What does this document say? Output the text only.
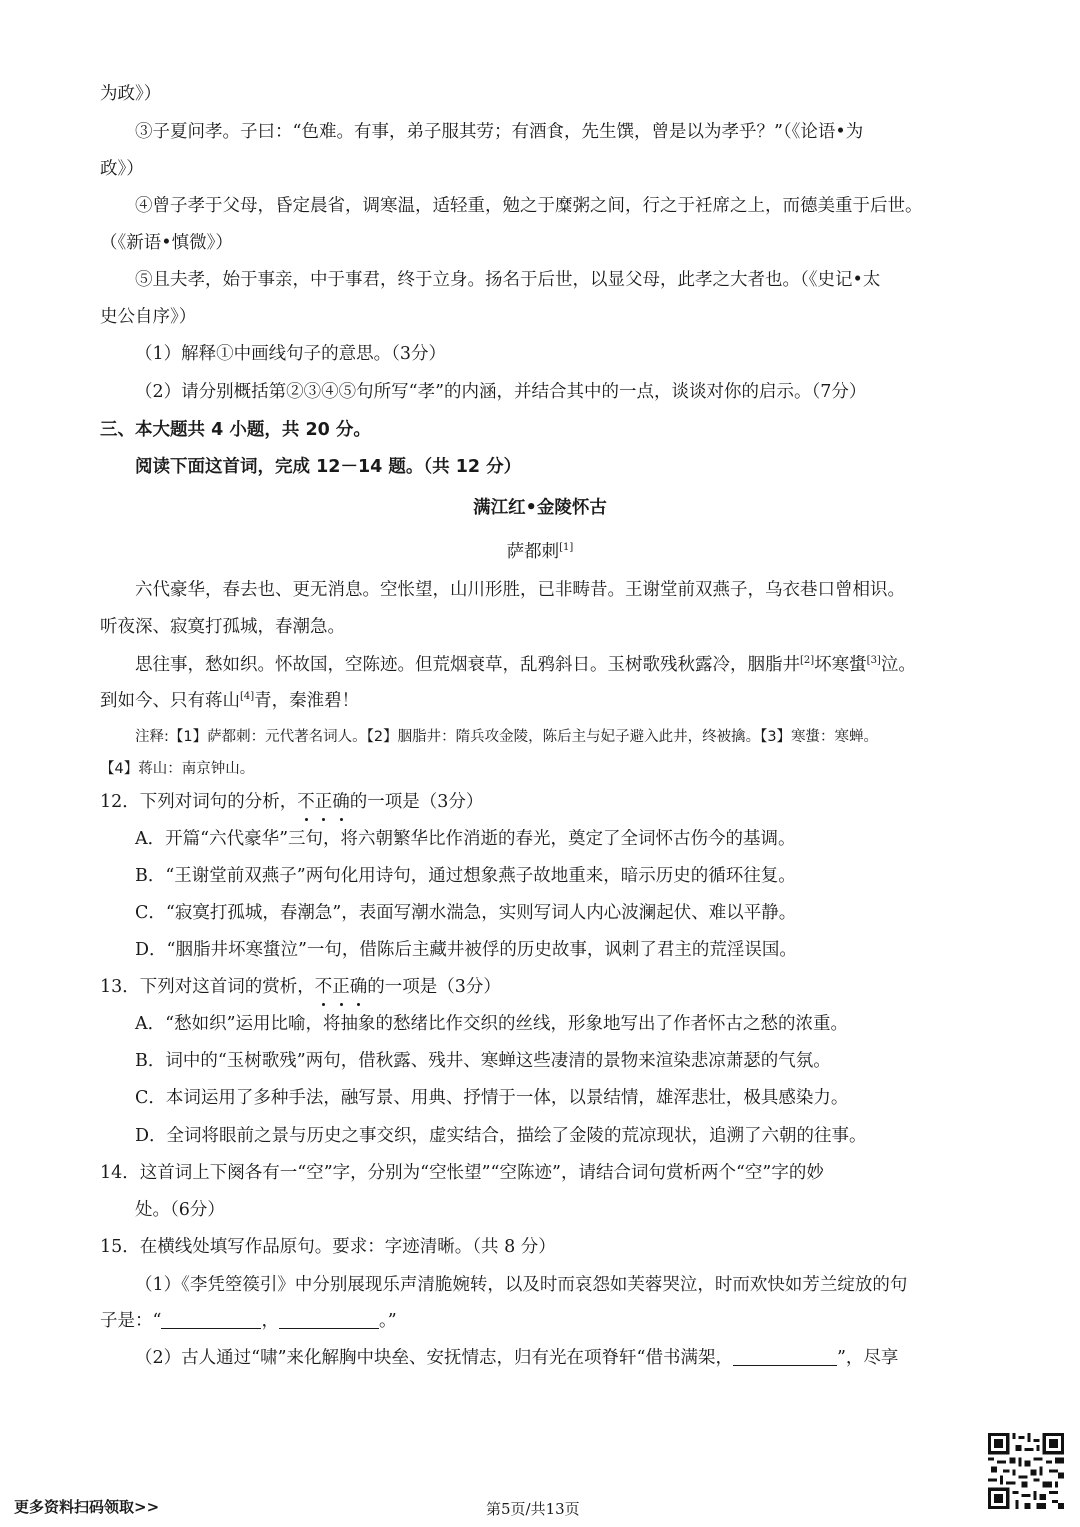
为政》）
③子夏问孝。子曰：“色难。有事，弟子服其劳；有酒食，先生馔，曾是以为孝乎？”（《论语•为
政》）
④曾子孝于父母，昏定晨省，调寒温，适轻重，勉之于糜粥之间，行之于衽席之上，而德美重于后世。
（《新语•慎微》）
⑤且夫孝，始于事亲，中于事君，终于立身。扬名于后世，以显父母，此孝之大者也。（《史记•太
史公自序》）
（1）解释①中画线句子的意思。（3分）
（2）请分别概括第②③④⑤句所写“孝”的内涵，并结合其中的一点，谈谈对你的启示。（7分）
三、本大题共 4 小题，共 20 分。
阅读下面这首词，完成 12－14 题。（共 12 分）
满江红•金陵怀古
萨都刺[1]
六代豪华，春去也、更无消息。空怅望，山川形胜，已非畴昔。王谢堂前双燕子，乌衣巷口曾相识。
听夜深、寂寞打孤城，春潮急。
思往事，愁如织。怀故国，空陈迹。但荒烟衰草，乱鸦斜日。玉树歌残秋露冷，胭脂井[2]坏寒螀[3]泣。
到如今、只有蒋山[4]青，秦淮碧！
注释:【1】萨都刺：元代著名词人。【2】胭脂井：隋兵攻金陵，陈后主与妃子避入此井，终被擒。【3】寒螀：寒蝉。
【4】蒋山：南京钟山。
12．下列对词句的分析，不正确的一项是（3分）
A．开篇“六代豪华”三句，将六朝繁华比作消逝的春光，奠定了全词怀古伤今的基调。
B．“王谢堂前双燕子”两句化用诗句，通过想象燕子故地重来，暗示历史的循环往复。
C．“寂寞打孤城，春潮急”，表面写潮水湍急，实则写词人内心波澜起伏、难以平静。
D．“胭脂井坏寒螀泣”一句，借陈后主藏井被俘的历史故事，讽刺了君主的荒淫误国。
13．下列对这首词的赏析，不正确的一项是（3分）
A．“愁如织”运用比喻，将抽象的愁绪比作交织的丝线，形象地写出了作者怀古之愁的浓重。
B．词中的“玉树歌残”两句，借秋露、残井、寒蝉这些凄清的景物来渲染悲凉萧瑟的气氛。
C．本词运用了多种手法，融写景、用典、抒情于一体，以景结情，雄浑悲壮，极具感染力。
D．全词将眼前之景与历史之事交织，虚实结合，描绘了金陵的荒凉现状，追溯了六朝的往事。
14．这首词上下阕各有一“空”字，分别为“空怅望”“空陈迹”，请结合词句赏析两个“空”字的妙
处。（6分）
15．在横线处填写作品原句。要求：字迹清晰。（共 8 分）
（1）《李凭箜篌引》中分别展现乐声清脆婉转，以及时而哀怨如芙蓉哭泣，时而欢快如芳兰绽放的句
子是：“	，	。”
（2）古人通过“啸”来化解胸中块垒、安抚情志，归有光在项脊轩“借书满架，	”，尽享
更多资料扫码领取>>	第5页/共13页
